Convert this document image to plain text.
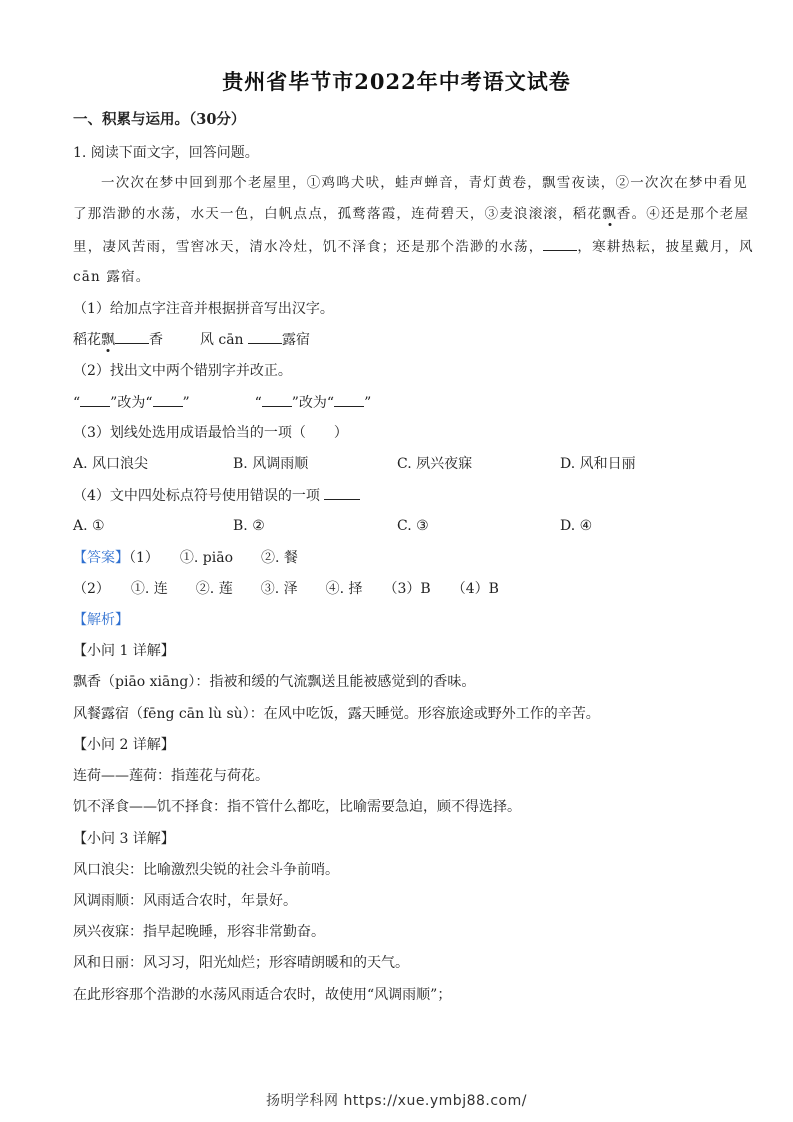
贵州省毕节市2022年中考语文试卷
一、积累与运用。（30分）
1. 阅读下面文字，回答问题。
一次次在梦中回到那个老屋里，①鸡鸣犬吠，蛙声蝉音，青灯黄卷，飘雪夜读，②一次次在梦中看见
了那浩渺的水荡，水天一色，白帆点点，孤鹜落霞，连荷碧天，③麦浪滚滚，稻花飘香。④还是那个老屋
里，凄风苦雨，雪窖冰天，清水冷灶，饥不泽食；还是那个浩渺的水荡，	，寒耕热耘，披星戴月，风
cān 露宿。
（1）给加点字注音并根据拼音写出汉字。
稻花飘 香	风 cān	露宿
（2）找出文中两个错别字并改正。
“ ”改为“ ”	“ ”改为“ ”
（3）划线处选用成语最恰当的一项（　　）
A. 风口浪尖	B. 风调雨顺	C. 夙兴夜寐	D. 风和日丽
（4）文中四处标点符号使用错误的一项
A. ①	B. ②	C. ③	D. ④
【答案】（1）　　①. piāo　　②. 餐
（2）　　①. 连　　②. 莲　　③. 泽　　④. 择　　（3）B　　（4）B
【解析】
【小问 1 详解】
飘香（piāo xiāng）：指被和缓的气流飘送且能被感觉到的香味。
风餐露宿（fēng cān lù sù）：在风中吃饭，露天睡觉。形容旅途或野外工作的辛苦。
【小问 2 详解】
连荷——莲荷：指莲花与荷花。
饥不泽食——饥不择食：指不管什么都吃，比喻需要急迫，顾不得选择。
【小问 3 详解】
风口浪尖：比喻激烈尖锐的社会斗争前哨。
风调雨顺：风雨适合农时，年景好。
夙兴夜寐：指早起晚睡，形容非常勤奋。
风和日丽：风习习，阳光灿烂；形容晴朗暖和的天气。
在此形容那个浩渺的水荡风雨适合农时，故使用“风调雨顺”；
扬明学科网 https://xue.ymbj88.com/
